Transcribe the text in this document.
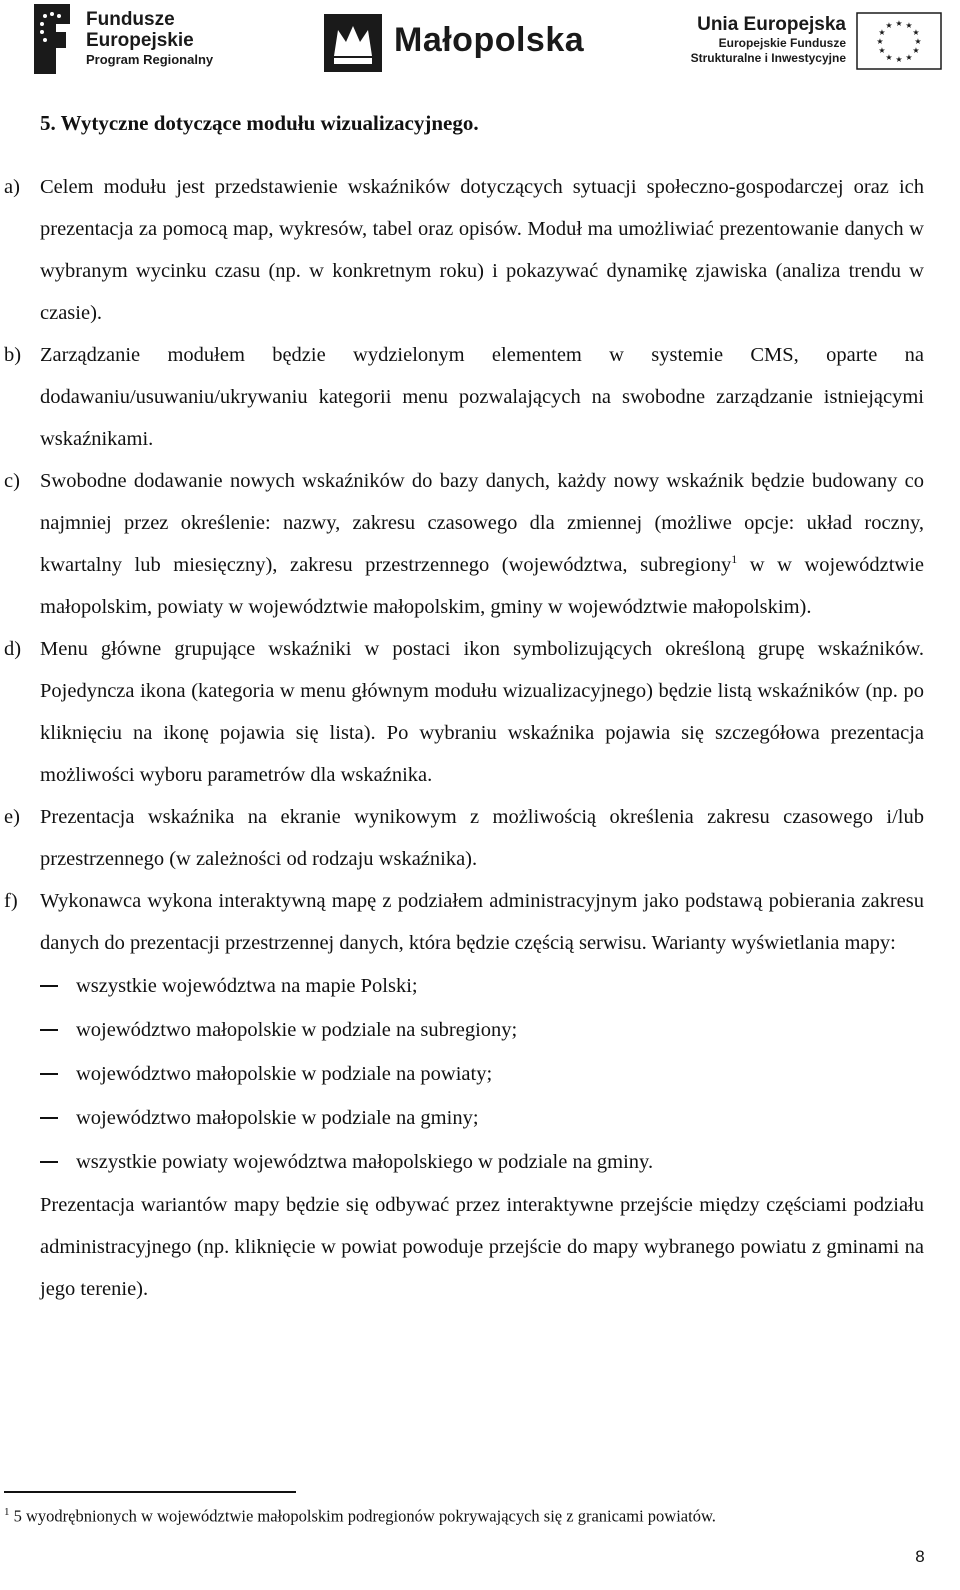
Fundusze
Europejskie
Program Regionalny
Małopolska	Unia Europejska
Europejskie Fundusze
Strukturalne i Inwestycyjne
★ ★
★
★
★
★
★
★
★
★
★
★
5. Wytyczne dotyczące modułu wizualizacyjnego.

a) Celem modułu jest przedstawienie wskaźników dotyczących sytuacji społeczno-gospodarczej oraz ich prezentacja za pomocą map, wykresów, tabel oraz opisów. Moduł ma umożliwiać prezentowanie danych w wybranym wycinku czasu (np. w konkretnym roku) i pokazywać dynamikę zjawiska (analiza trendu w czasie).

b) Zarządzanie modułem będzie wydzielonym elementem w systemie CMS, oparte na dodawaniu/usuwaniu/ukrywaniu kategorii menu pozwalających na swobodne zarządzanie istniejącymi wskaźnikami.

c) Swobodne dodawanie nowych wskaźników do bazy danych, każdy nowy wskaźnik będzie budowany co najmniej przez określenie: nazwy, zakresu czasowego dla zmiennej (możliwe opcje: układ roczny, kwartalny lub miesięczny), zakresu przestrzennego (województwa, subregiony$^1$ w w województwie małopolskim, powiaty w województwie małopolskim, gminy w województwie małopolskim).

d) Menu główne grupujące wskaźniki w postaci ikon symbolizujących określoną grupę wskaźników. Pojedyncza ikona (kategoria w menu głównym modułu wizualizacyjnego) będzie listą wskaźników (np. po kliknięciu na ikonę pojawia się lista). Po wybraniu wskaźnika pojawia się szczegółowa prezentacja możliwości wyboru parametrów dla wskaźnika.

e) Prezentacja wskaźnika na ekranie wynikowym z możliwością określenia zakresu czasowego i/lub przestrzennego (w zależności od rodzaju wskaźnika).

f) Wykonawca wykona interaktywną mapę z podziałem administracyjnym jako podstawą pobierania zakresu danych do prezentacji przestrzennej danych, która będzie częścią serwisu. Warianty wyświetlania mapy:

wszystkie województwa na mapie Polski;
województwo małopolskie w podziale na subregiony;
województwo małopolskie w podziale na powiaty;
województwo małopolskie w podziale na gminy;
wszystkie powiaty województwa małopolskiego w podziale na gminy.

Prezentacja wariantów mapy będzie się odbywać przez interaktywne przejście między częściami podziału administracyjnego (np. kliknięcie w powiat powoduje przejście do mapy wybranego powiatu z gminami na jego terenie).

$^1$ 5 wyodrębnionych w województwie małopolskim podregionów pokrywających się z granicami powiatów.
8
